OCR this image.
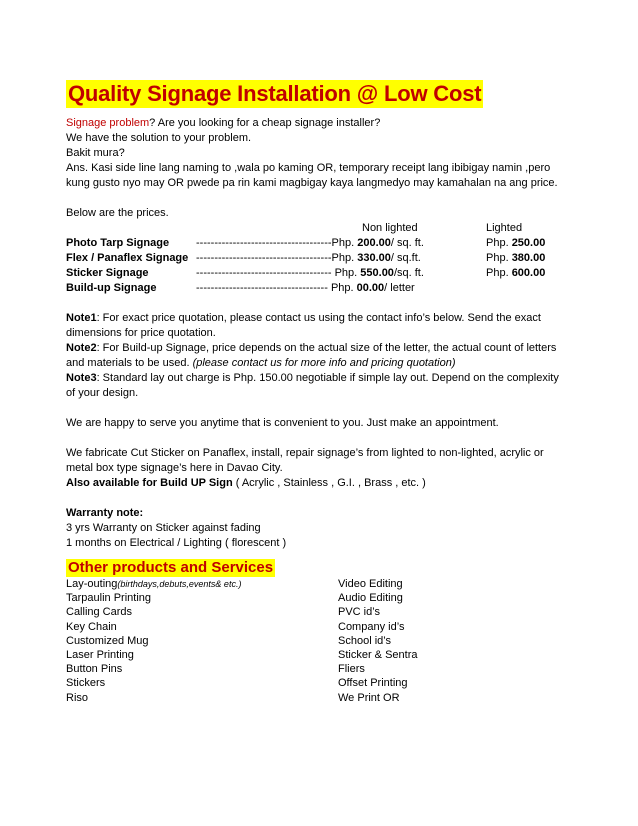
Quality Signage Installation @ Low Cost

Signage problem? Are you looking for a cheap signage installer?

We have the solution to your problem.

Bakit mura?

Ans. Kasi side line lang naming to ,wala po kaming OR, temporary receipt lang ibibigay namin ,pero kung gusto nyo may OR pwede pa rin kami magbigay kaya langmedyo may kamahalan na ang price.

Below are the prices.

Non lighted	Lighted
Photo Tarp Signage -------------------------------------Php. 200.00/ sq. ft.	Php. 250.00
Flex / Panaflex Signage -------------------------------------Php. 330.00/ sq.ft.	Php. 380.00
Sticker Signage	------------------------------------- Php. 550.00/sq. ft.	Php. 600.00
Build-up Signage	------------------------------------ Php. 00.00/ letter

Note1: For exact price quotation, please contact us using the contact info’s below. Send the exact dimensions for price quotation.

Note2: For Build-up Signage, price depends on the actual size of the letter, the actual count of letters and materials to be used. (please contact us for more info and pricing quotation)

Note3: Standard lay out charge is Php. 150.00 negotiable if simple lay out. Depend on the complexity of your design.

We are happy to serve you anytime that is convenient to you. Just make an appointment.

We fabricate Cut Sticker on Panaflex, install, repair signage’s from lighted to non-lighted, acrylic or metal box type signage’s here in Davao City.

Also available for Build UP Sign ( Acrylic , Stainless , G.I. , Brass , etc. )

Warranty note:

3 yrs Warranty on Sticker against fading

1 months on Electrical / Lighting ( florescent )

Other products and Services
Lay-outing(birthdays,debuts,events& etc.)
Tarpaulin Printing
Calling Cards
Key Chain
Customized Mug
Laser Printing
Button Pins
Stickers
Riso
Video Editing
Audio Editing
PVC id’s
Company id’s
School id’s
Sticker & Sentra
Fliers
Offset Printing
We Print OR
